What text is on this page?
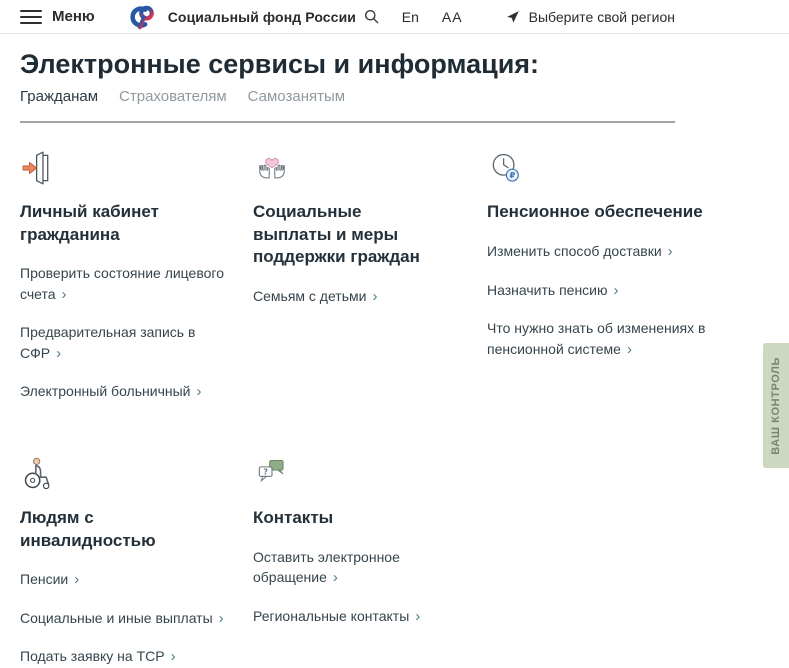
Меню	Социальный фонд России	En AA	Выберите свой регион
Электронные сервисы и информация:
Гражданам Страхователям Самозанятым
Личный кабинет гражданина
Проверить состояние лицевого счета ›
Предварительная запись в СФР ›
Электронный больничный ›
Социальные выплаты и меры поддержки граждан
Семьям с детьми ›
₽
Пенсионное обеспечение
Изменить способ доставки ›
Назначить пенсию ›
Что нужно знать об изменениях в пенсионной системе ›
Людям с инвалидностью
Пенсии ›
Социальные и иные выплаты ›
Подать заявку на ТСР ›
?
Контакты
Оставить электронное обращение ›
Региональные контакты ›
ВАШ КОНТРОЛЬ
